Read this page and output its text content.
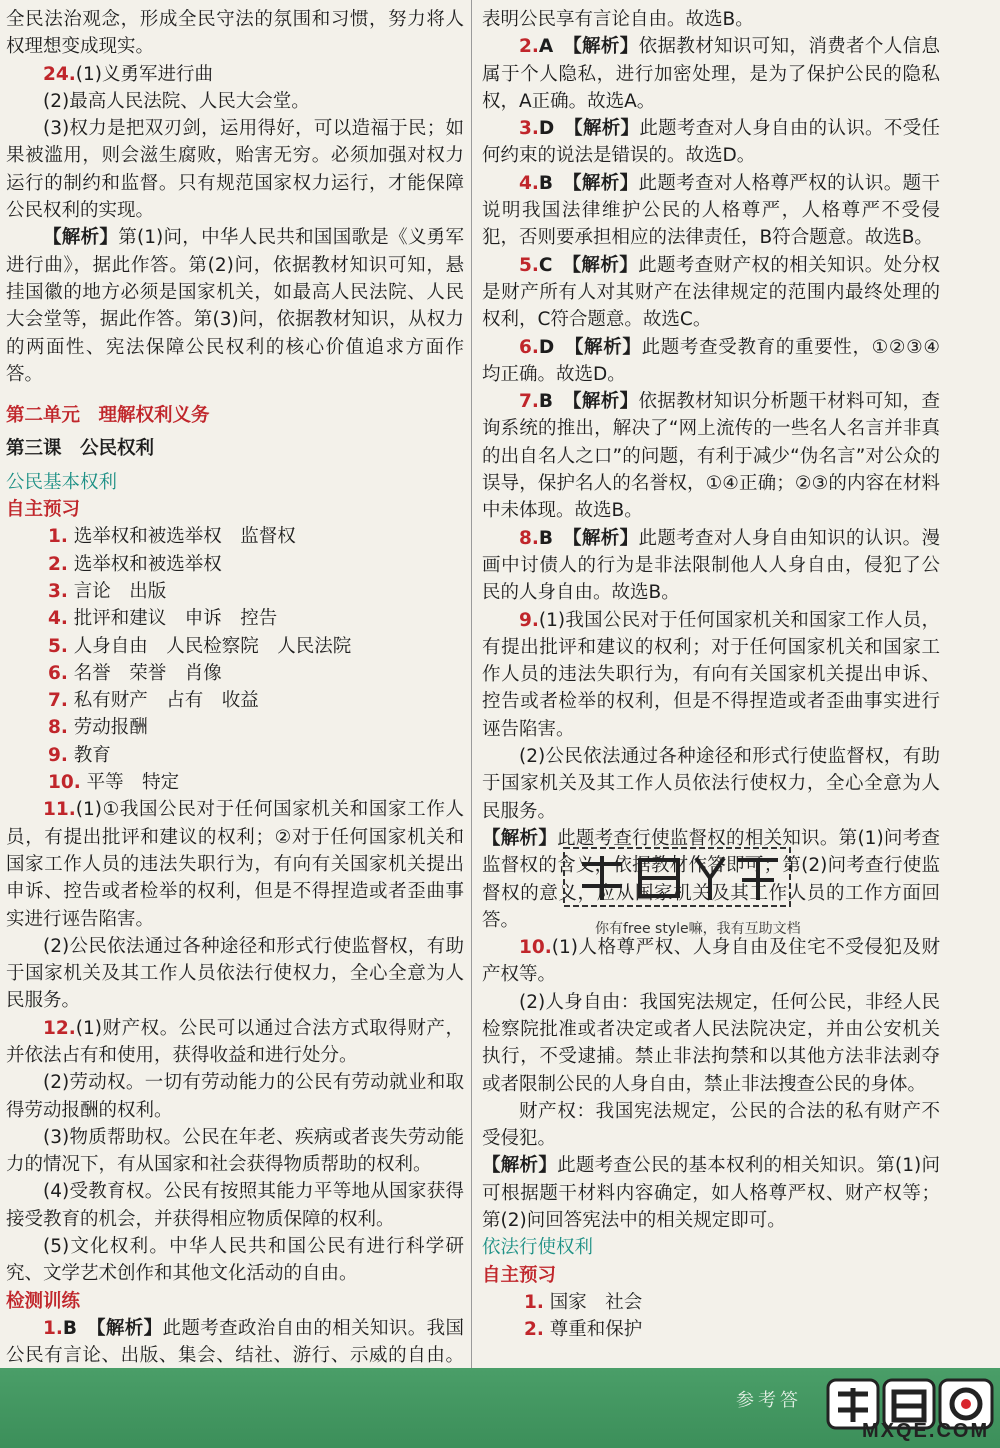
全民法治观念，形成全民守法的氛围和习惯，努力将人权理想变成现实。

24.(1)义勇军进行曲

(2)最高人民法院、人民大会堂。

(3)权力是把双刃剑，运用得好，可以造福于民；如果被滥用，则会滋生腐败，贻害无穷。必须加强对权力运行的制约和监督。只有规范国家权力运行，才能保障公民权利的实现。

【解析】第(1)问，中华人民共和国国歌是《义勇军进行曲》，据此作答。第(2)问，依据教材知识可知，悬挂国徽的地方必须是国家机关，如最高人民法院、人民大会堂等，据此作答。第(3)问，依据教材知识，从权力的两面性、宪法保障公民权利的核心价值追求方面作答。

第二单元　理解权利义务

第三课　公民权利

公民基本权利

自主预习

1. 选举权和被选举权　监督权

2. 选举权和被选举权

3. 言论　出版

4. 批评和建议　申诉　控告

5. 人身自由　人民检察院　人民法院

6. 名誉　荣誉　肖像

7. 私有财产　占有　收益

8. 劳动报酬

9. 教育

10. 平等　特定

11.(1)①我国公民对于任何国家机关和国家工作人员，有提出批评和建议的权利；②对于任何国家机关和国家工作人员的违法失职行为，有向有关国家机关提出申诉、控告或者检举的权利，但是不得捏造或者歪曲事实进行诬告陷害。

(2)公民依法通过各种途径和形式行使监督权，有助于国家机关及其工作人员依法行使权力，全心全意为人民服务。

12.(1)财产权。公民可以通过合法方式取得财产，并依法占有和使用，获得收益和进行处分。

(2)劳动权。一切有劳动能力的公民有劳动就业和取得劳动报酬的权利。

(3)物质帮助权。公民在年老、疾病或者丧失劳动能力的情况下，有从国家和社会获得物质帮助的权利。

(4)受教育权。公民有按照其能力平等地从国家获得接受教育的机会，并获得相应物质保障的权利。

(5)文化权利。中华人民共和国公民有进行科学研究、文学艺术创作和其他文化活动的自由。

检测训练

1.B　 【解析】此题考查政治自由的相关知识。我国公民有言论、出版、集会、结社、游行、示威的自由。

表明公民享有言论自由。故选B。

2.A　 【解析】依据教材知识可知，消费者个人信息属于个人隐私，进行加密处理，是为了保护公民的隐私权，A正确。故选A。

3.D　 【解析】此题考查对人身自由的认识。不受任何约束的说法是错误的。故选D。

4.B　 【解析】此题考查对人格尊严权的认识。题干说明我国法律维护公民的人格尊严，人格尊严不受侵犯，否则要承担相应的法律责任，B符合题意。故选B。

5.C　 【解析】此题考查财产权的相关知识。处分权是财产所有人对其财产在法律规定的范围内最终处理的权利，C符合题意。故选C。

6.D　 【解析】此题考查受教育的重要性，①②③④均正确。故选D。

7.B　 【解析】依据教材知识分析题干材料可知，查询系统的推出，解决了“网上流传的一些名人名言并非真的出自名人之口”的问题，有利于减少“伪名言”对公众的误导，保护名人的名誉权，①④正确；②③的内容在材料中未体现。故选B。

8.B　 【解析】此题考查对人身自由知识的认识。漫画中讨债人的行为是非法限制他人人身自由，侵犯了公民的人身自由。故选B。

9.(1)我国公民对于任何国家机关和国家工作人员，有提出批评和建议的权利；对于任何国家机关和国家工作人员的违法失职行为，有向有关国家机关提出申诉、控告或者检举的权利，但是不得捏造或者歪曲事实进行诬告陷害。

(2)公民依法通过各种途径和形式行使监督权，有助于国家机关及其工作人员依法行使权力，全心全意为人民服务。

【解析】此题考查行使监督权的相关知识。第(1)问考查监督权的含义，依据教材作答即可；第(2)问考查行使监督权的意义，应从国家机关及其工作人员的工作方面回答。

10.(1)人格尊严权、人身自由及住宅不受侵犯及财产权等。

(2)人身自由：我国宪法规定，任何公民，非经人民检察院批准或者决定或者人民法院决定，并由公安机关执行，不受逮捕。禁止非法拘禁和以其他方法非法剥夺或者限制公民的人身自由，禁止非法搜查公民的身体。

财产权：我国宪法规定，公民的合法的私有财产不受侵犯。

【解析】此题考查公民的基本权利的相关知识。第(1)问可根据题干材料内容确定，如人格尊严权、财产权等；第(2)问回答宪法中的相关规定即可。

依法行使权利

自主预习

1. 国家　社会

2. 尊重和保护

你有free style嘛，我有互助文档
参考答
MXQE.COM
